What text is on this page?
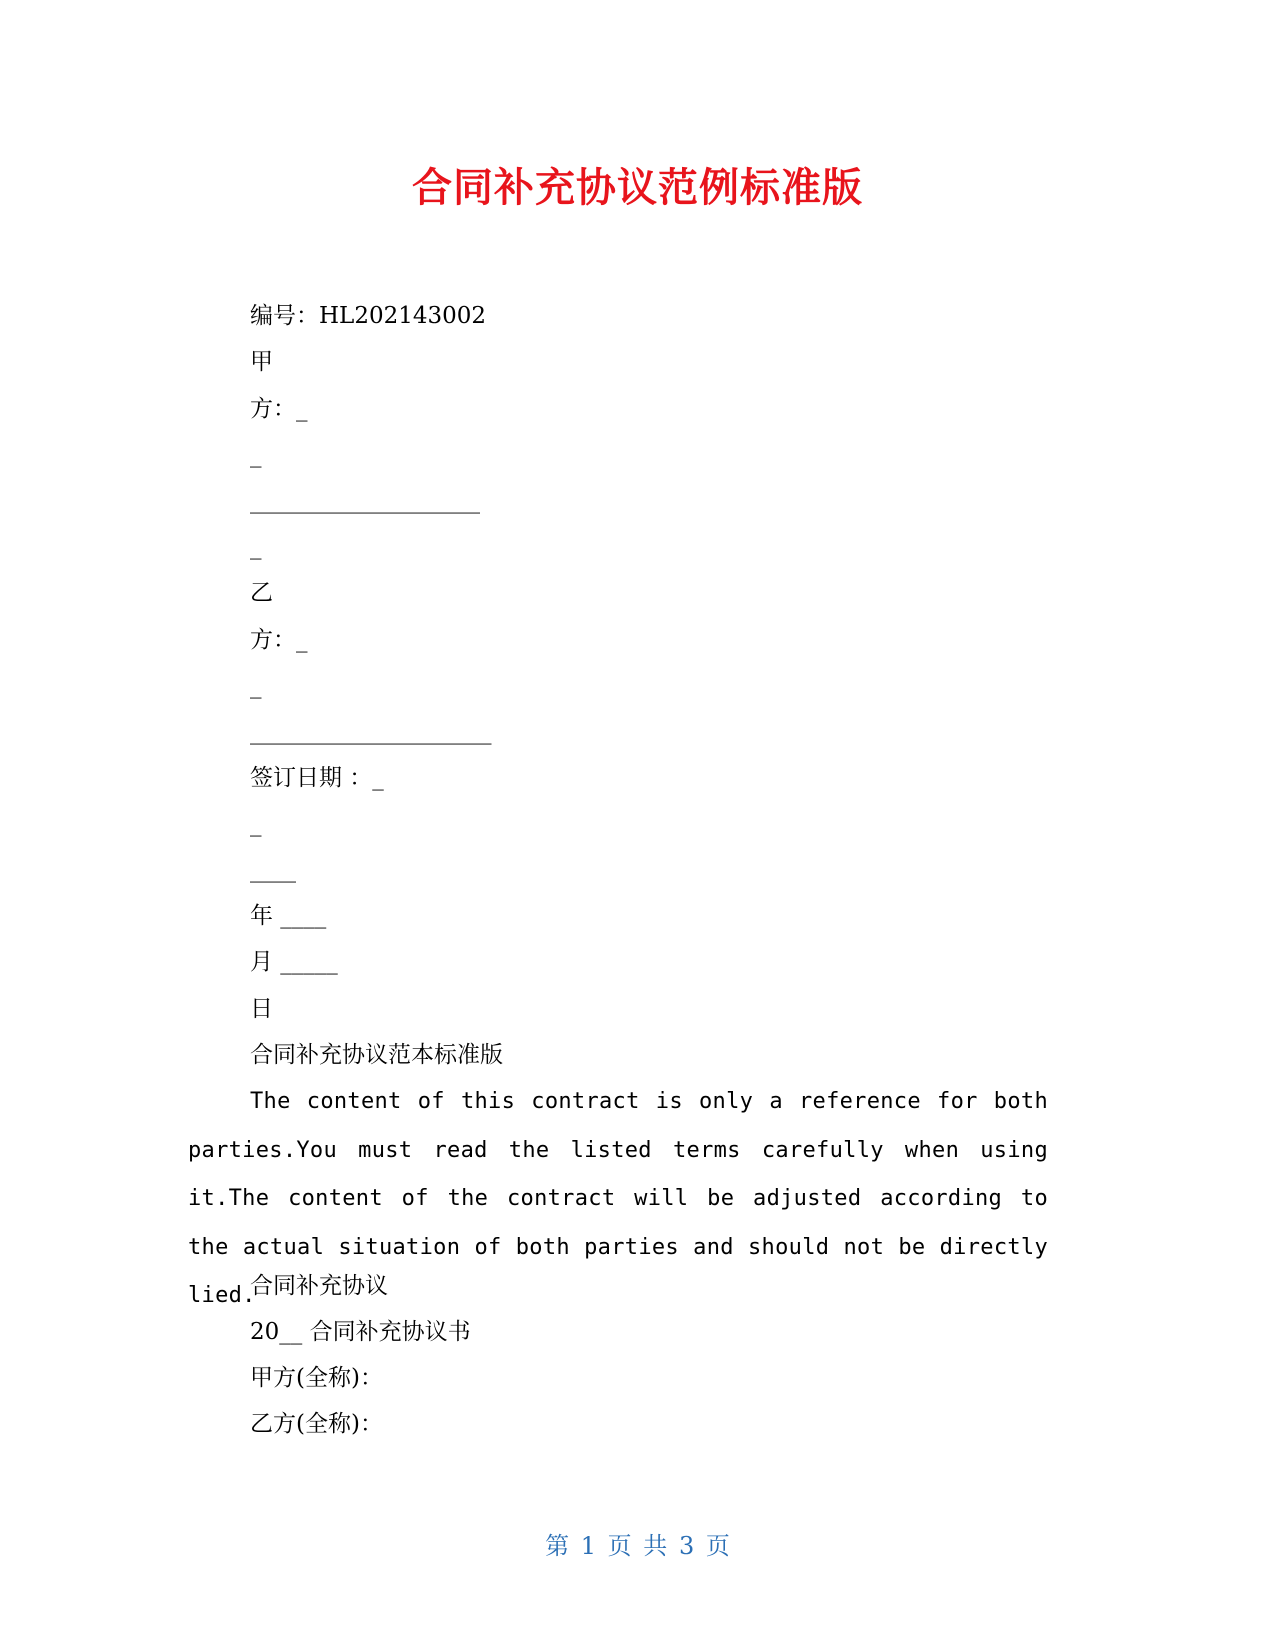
合同补充协议范例标准版
编号：HL202143002
甲
方：_
_
____________________
_
乙
方：_
_
_____________________
签订日期 ：_
_
____
年 ____
月 _____
日
合同补充协议范本标准版
The content of this contract is only a reference for both parties.You must read the listed terms carefully when using it.The content of the contract will be adjusted according to the actual situation of both parties and should not be directly lied.
合同补充协议
20__ 合同补充协议书
甲方(全称)：
乙方(全称)：
第 1 页 共 3 页
